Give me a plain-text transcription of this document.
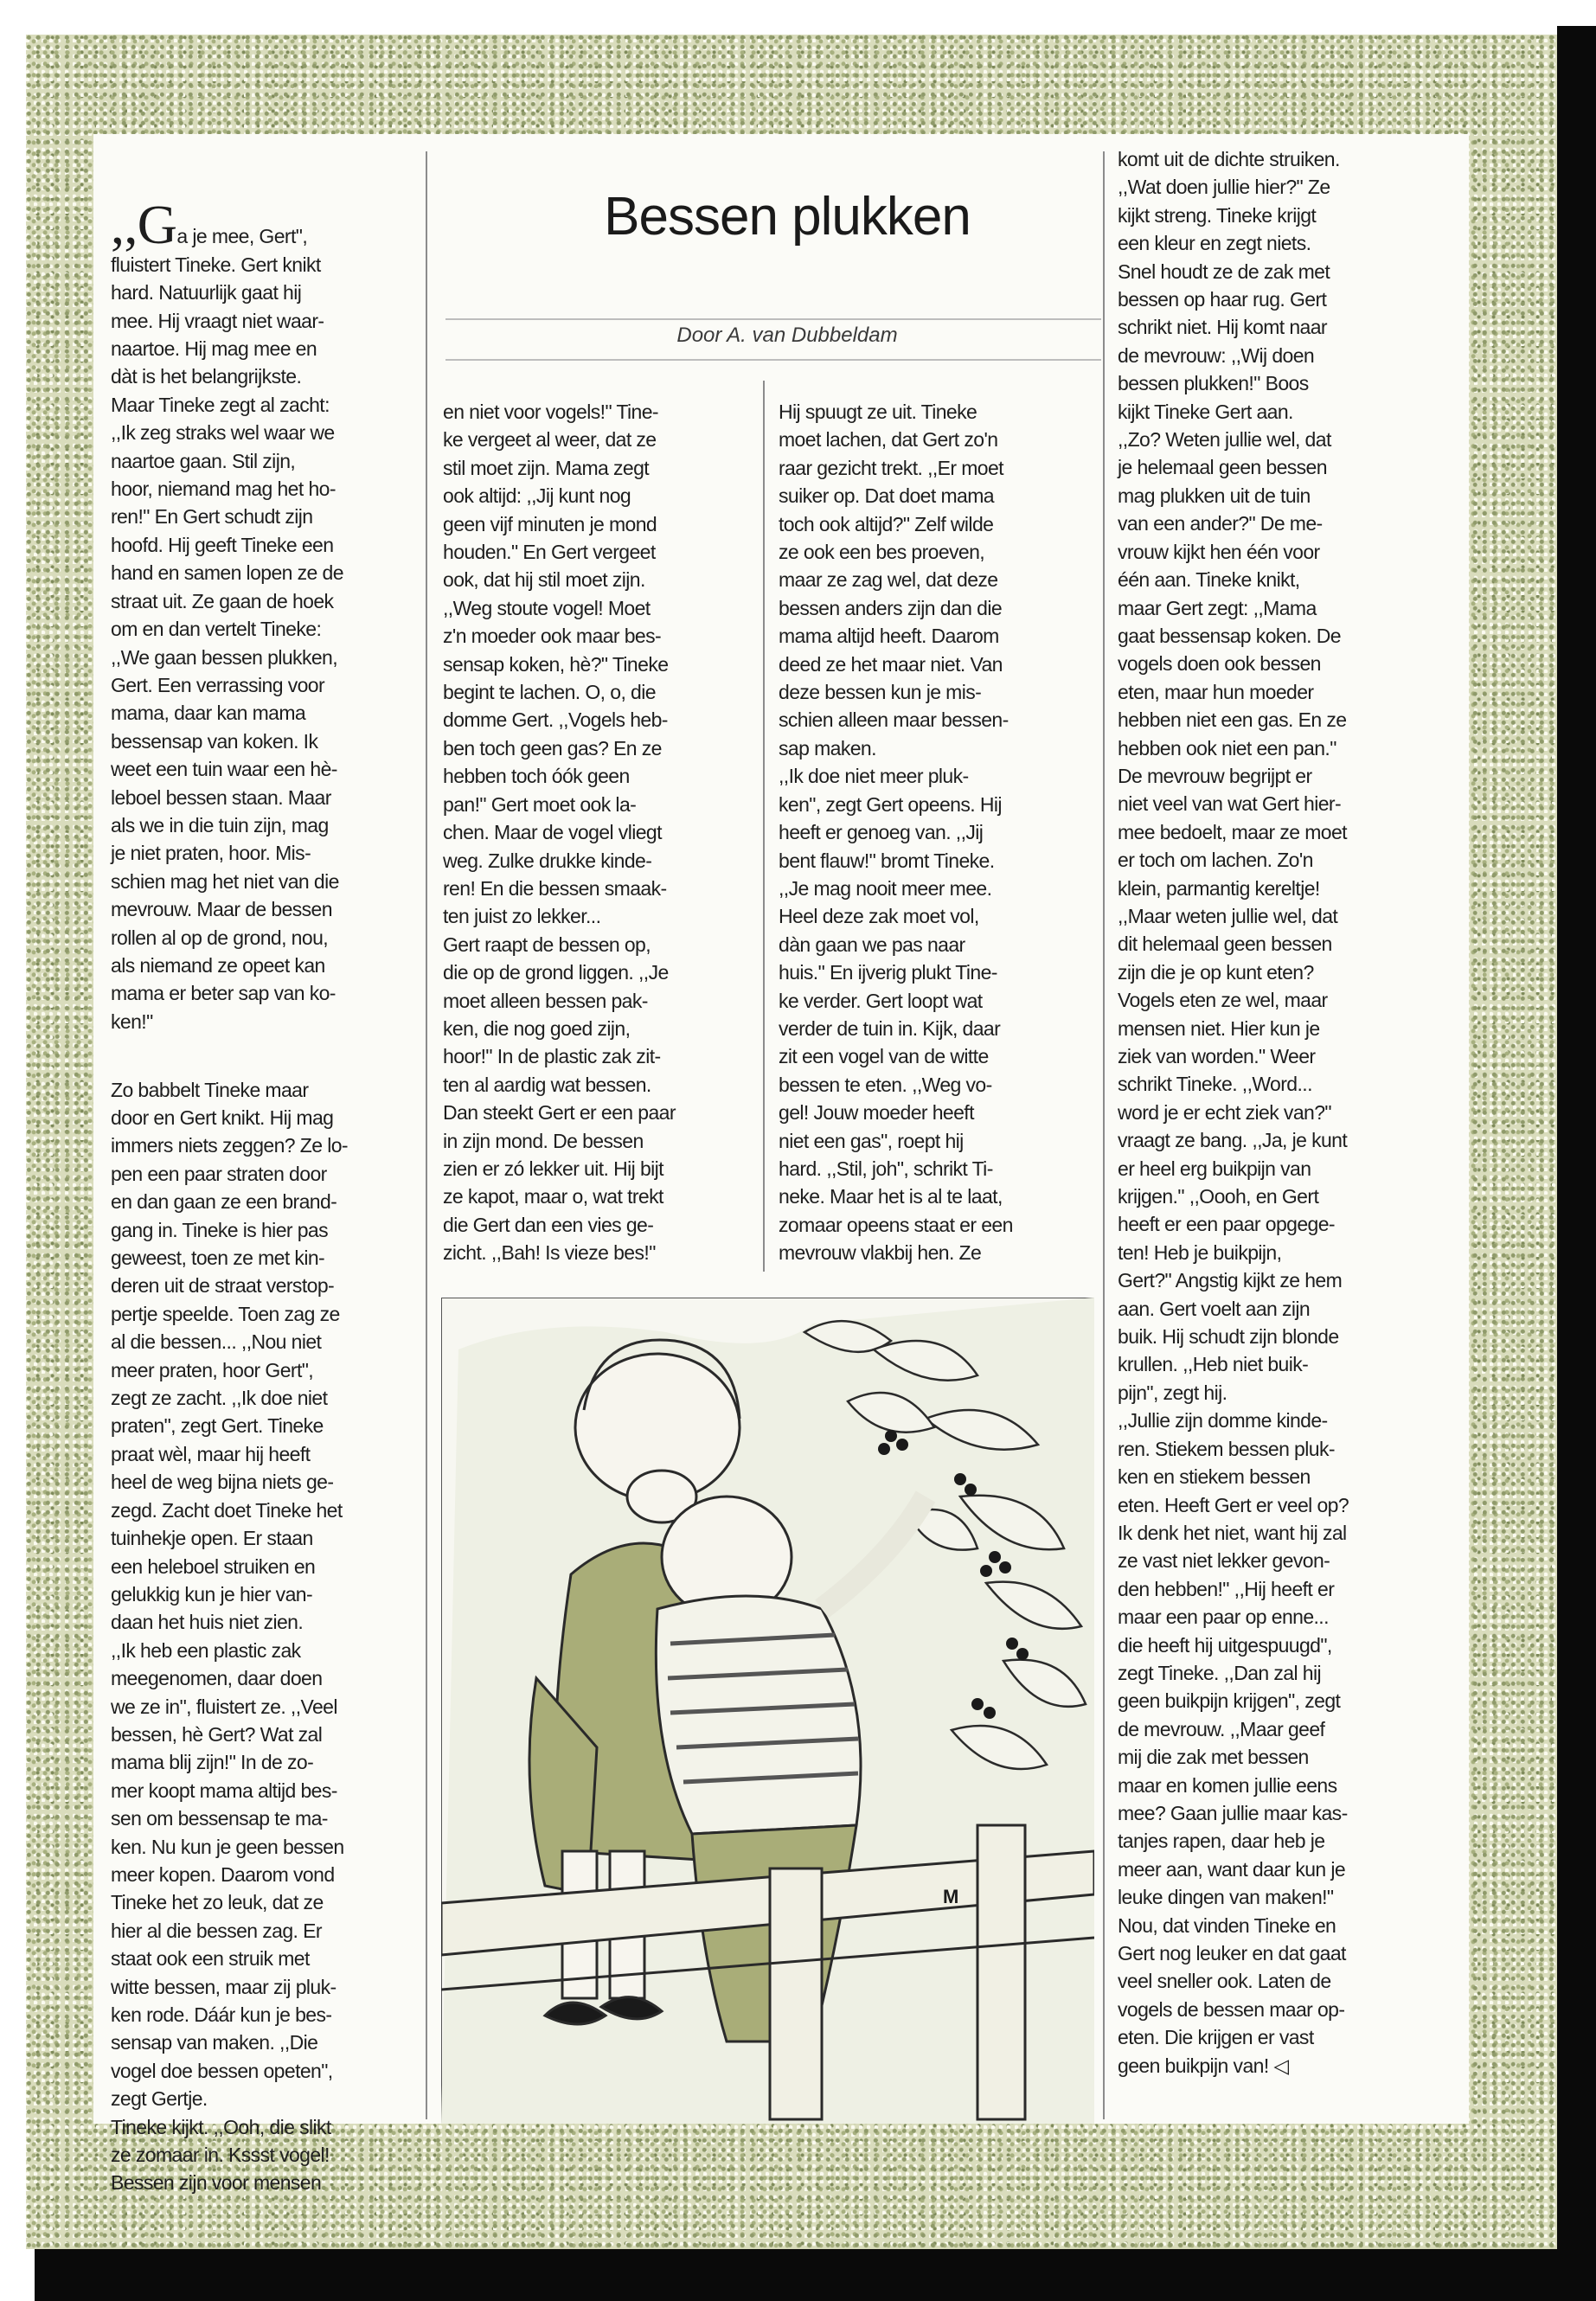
,,Ga je mee, Gert",
fluistert Tineke. Gert knikt
hard. Natuurlijk gaat hij
mee. Hij vraagt niet waar-
naartoe. Hij mag mee en
dàt is het belangrijkste.
Maar Tineke zegt al zacht:
,,Ik zeg straks wel waar we
naartoe gaan. Stil zijn,
hoor, niemand mag het ho-
ren!" En Gert schudt zijn
hoofd. Hij geeft Tineke een
hand en samen lopen ze de
straat uit. Ze gaan de hoek
om en dan vertelt Tineke:
,,We gaan bessen plukken,
Gert. Een verrassing voor
mama, daar kan mama
bessensap van koken. Ik
weet een tuin waar een hè-
leboel bessen staan. Maar
als we in die tuin zijn, mag
je niet praten, hoor. Mis-
schien mag het niet van die
mevrouw. Maar de bessen
rollen al op de grond, nou,
als niemand ze opeet kan
mama er beter sap van ko-
ken!"

Zo babbelt Tineke maar
door en Gert knikt. Hij mag
immers niets zeggen? Ze lo-
pen een paar straten door
en dan gaan ze een brand-
gang in. Tineke is hier pas
geweest, toen ze met kin-
deren uit de straat verstop-
pertje speelde. Toen zag ze
al die bessen... ,,Nou niet
meer praten, hoor Gert",
zegt ze zacht. ,,Ik doe niet
praten", zegt Gert. Tineke
praat wèl, maar hij heeft
heel de weg bijna niets ge-
zegd. Zacht doet Tineke het
tuinhekje open. Er staan
een heleboel struiken en
gelukkig kun je hier van-
daan het huis niet zien.
,,Ik heb een plastic zak
meegenomen, daar doen
we ze in", fluistert ze. ,,Veel
bessen, hè Gert? Wat zal
mama blij zijn!" In de zo-
mer koopt mama altijd bes-
sen om bessensap te ma-
ken. Nu kun je geen bessen
meer kopen. Daarom vond
Tineke het zo leuk, dat ze
hier al die bessen zag. Er
staat ook een struik met
witte bessen, maar zij pluk-
ken rode. Dáár kun je bes-
sensap van maken. ,,Die
vogel doe bessen opeten",
zegt Gertje.
Tineke kijkt. ,,Ooh, die slikt
ze zomaar in. Kssst vogel!
Bessen zijn voor mensen

Bessen plukken
Door A. van Dubbeldam
en niet voor vogels!" Tine-
ke vergeet al weer, dat ze
stil moet zijn. Mama zegt
ook altijd: ,,Jij kunt nog
geen vijf minuten je mond
houden." En Gert vergeet
ook, dat hij stil moet zijn.
,,Weg stoute vogel! Moet
z'n moeder ook maar bes-
sensap koken, hè?" Tineke
begint te lachen. O, o, die
domme Gert. ,,Vogels heb-
ben toch geen gas? En ze
hebben toch óók geen
pan!" Gert moet ook la-
chen. Maar de vogel vliegt
weg. Zulke drukke kinde-
ren! En die bessen smaak-
ten juist zo lekker...
Gert raapt de bessen op,
die op de grond liggen. ,,Je
moet alleen bessen pak-
ken, die nog goed zijn,
hoor!" In de plastic zak zit-
ten al aardig wat bessen.
Dan steekt Gert er een paar
in zijn mond. De bessen
zien er zó lekker uit. Hij bijt
ze kapot, maar o, wat trekt
die Gert dan een vies ge-
zicht. ,,Bah! Is vieze bes!"
Hij spuugt ze uit. Tineke
moet lachen, dat Gert zo'n
raar gezicht trekt. ,,Er moet
suiker op. Dat doet mama
toch ook altijd?" Zelf wilde
ze ook een bes proeven,
maar ze zag wel, dat deze
bessen anders zijn dan die
mama altijd heeft. Daarom
deed ze het maar niet. Van
deze bessen kun je mis-
schien alleen maar bessen-
sap maken.
,,Ik doe niet meer pluk-
ken", zegt Gert opeens. Hij
heeft er genoeg van. ,,Jij
bent flauw!" bromt Tineke.
,,Je mag nooit meer mee.
Heel deze zak moet vol,
dàn gaan we pas naar
huis." En ijverig plukt Tine-
ke verder. Gert loopt wat
verder de tuin in. Kijk, daar
zit een vogel van de witte
bessen te eten. ,,Weg vo-
gel! Jouw moeder heeft
niet een gas", roept hij
hard. ,,Stil, joh", schrikt Ti-
neke. Maar het is al te laat,
zomaar opeens staat er een
mevrouw vlakbij hen. Ze
komt uit de dichte struiken.
,,Wat doen jullie hier?" Ze
kijkt streng. Tineke krijgt
een kleur en zegt niets.
Snel houdt ze de zak met
bessen op haar rug. Gert
schrikt niet. Hij komt naar
de mevrouw: ,,Wij doen
bessen plukken!" Boos
kijkt Tineke Gert aan.
,,Zo? Weten jullie wel, dat
je helemaal geen bessen
mag plukken uit de tuin
van een ander?" De me-
vrouw kijkt hen één voor
één aan. Tineke knikt,
maar Gert zegt: ,,Mama
gaat bessensap koken. De
vogels doen ook bessen
eten, maar hun moeder
hebben niet een gas. En ze
hebben ook niet een pan."
De mevrouw begrijpt er
niet veel van wat Gert hier-
mee bedoelt, maar ze moet
er toch om lachen. Zo'n
klein, parmantig kereltje!
,,Maar weten jullie wel, dat
dit helemaal geen bessen
zijn die je op kunt eten?
Vogels eten ze wel, maar
mensen niet. Hier kun je
ziek van worden." Weer
schrikt Tineke. ,,Word...
word je er echt ziek van?"
vraagt ze bang. ,,Ja, je kunt
er heel erg buikpijn van
krijgen." ,,Oooh, en Gert
heeft er een paar opgege-
ten! Heb je buikpijn,
Gert?" Angstig kijkt ze hem
aan. Gert voelt aan zijn
buik. Hij schudt zijn blonde
krullen. ,,Heb niet buik-
pijn", zegt hij.
,,Jullie zijn domme kinde-
ren. Stiekem bessen pluk-
ken en stiekem bessen
eten. Heeft Gert er veel op?
Ik denk het niet, want hij zal
ze vast niet lekker gevon-
den hebben!" ,,Hij heeft er
maar een paar op enne...
die heeft hij uitgespuugd",
zegt Tineke. ,,Dan zal hij
geen buikpijn krijgen", zegt
de mevrouw. ,,Maar geef
mij die zak met bessen
maar en komen jullie eens
mee? Gaan jullie maar kas-
tanjes rapen, daar heb je
meer aan, want daar kun je
leuke dingen van maken!"
Nou, dat vinden Tineke en
Gert nog leuker en dat gaat
veel sneller ook. Laten de
vogels de bessen maar op-
eten. Die krijgen er vast
geen buikpijn van! ◁
M
